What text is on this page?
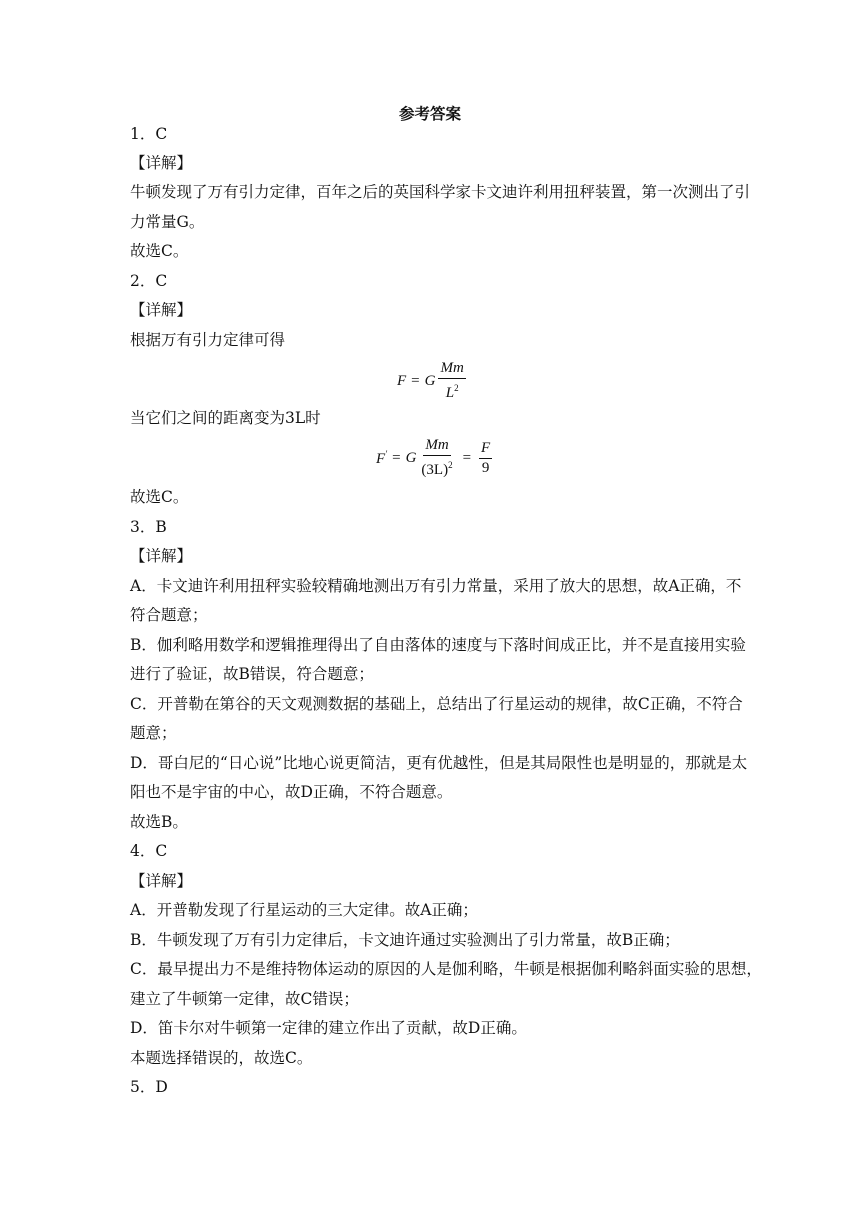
参考答案
1．C
【详解】
牛顿发现了万有引力定律，百年之后的英国科学家卡文迪许利用扭秤装置，第一次测出了引
力常量G。
故选C。
2．C
【详解】
根据万有引力定律可得
F = G $\frac{Mm}{L^2}$
当它们之间的距离变为3L时
F' = G $\frac{Mm}{(3L)^2} = \frac{F}{9}$
故选C。
3．B
【详解】
A．卡文迪许利用扭秤实验较精确地测出万有引力常量，采用了放大的思想，故A正确，不
符合题意；
B．伽利略用数学和逻辑推理得出了自由落体的速度与下落时间成正比，并不是直接用实验
进行了验证，故B错误，符合题意；
C．开普勒在第谷的天文观测数据的基础上，总结出了行星运动的规律，故C正确，不符合
题意；
D．哥白尼的“日心说”比地心说更简洁，更有优越性，但是其局限性也是明显的，那就是太
阳也不是宇宙的中心，故D正确，不符合题意。
故选B。
4．C
【详解】
A．开普勒发现了行星运动的三大定律。故A正确；
B．牛顿发现了万有引力定律后，卡文迪许通过实验测出了引力常量，故B正确；
C．最早提出力不是维持物体运动的原因的人是伽利略，牛顿是根据伽利略斜面实验的思想，
建立了牛顿第一定律，故C错误；
D．笛卡尔对牛顿第一定律的建立作出了贡献，故D正确。
本题选择错误的，故选C。
5．D
